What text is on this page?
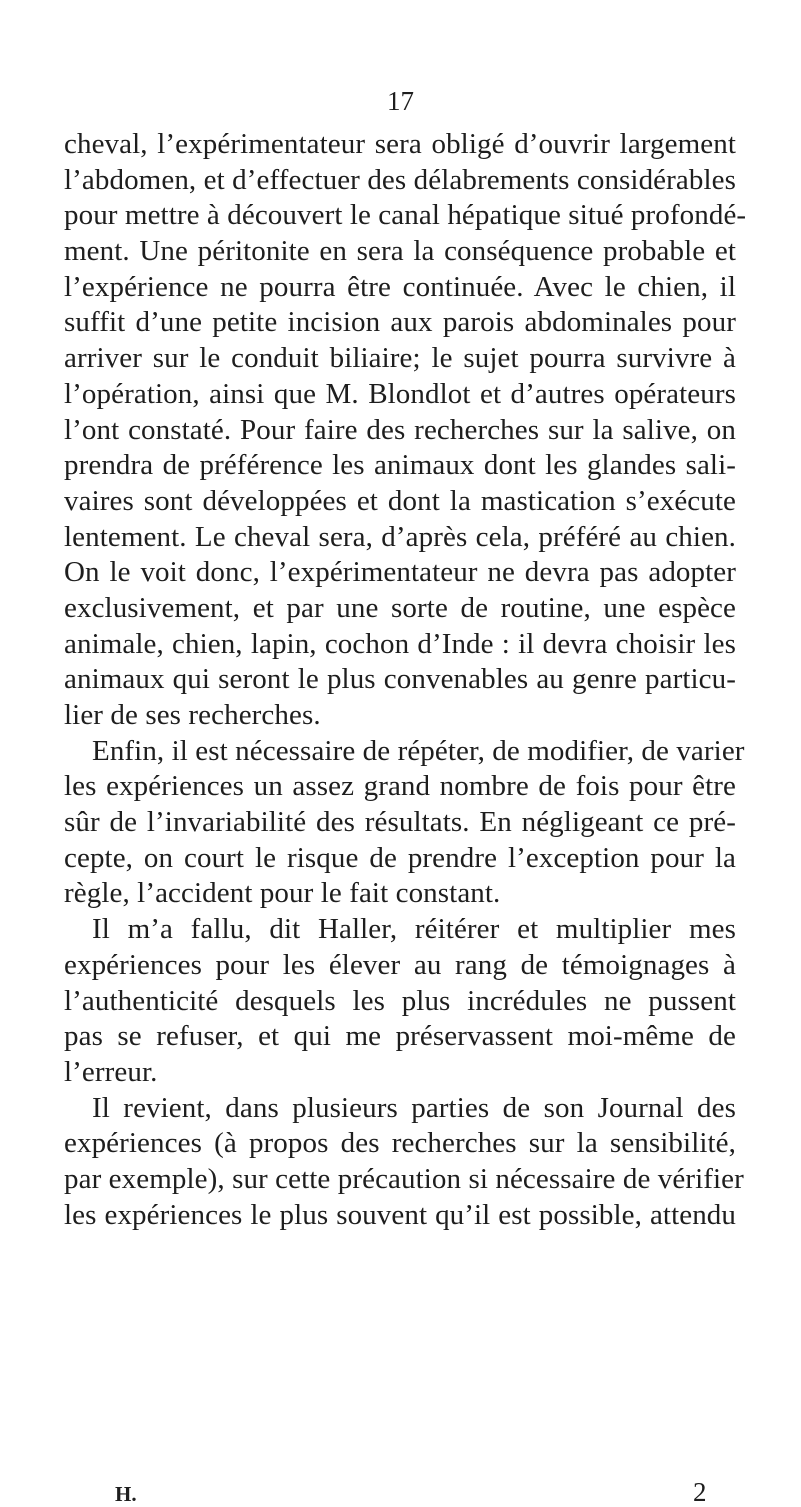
17
cheval, l’expérimentateur sera obligé d’ouvrir largement
l’abdomen, et d’effectuer des délabrements considérables
pour mettre à découvert le canal hépatique situé profondé-
ment. Une péritonite en sera la conséquence probable et
l’expérience ne pourra être continuée. Avec le chien, il
suffit d’une petite incision aux parois abdominales pour
arriver sur le conduit biliaire; le sujet pourra survivre à
l’opération, ainsi que M. Blondlot et d’autres opérateurs
l’ont constaté. Pour faire des recherches sur la salive, on
prendra de préférence les animaux dont les glandes sali-
vaires sont développées et dont la mastication s’exécute
lentement. Le cheval sera, d’après cela, préféré au chien.
On le voit donc, l’expérimentateur ne devra pas adopter
exclusivement, et par une sorte de routine, une espèce
animale, chien, lapin, cochon d’Inde : il devra choisir les
animaux qui seront le plus convenables au genre particu-
lier de ses recherches.
Enfin, il est nécessaire de répéter, de modifier, de varier
les expériences un assez grand nombre de fois pour être
sûr de l’invariabilité des résultats. En négligeant ce pré-
cepte, on court le risque de prendre l’exception pour la
règle, l’accident pour le fait constant.
Il m’a fallu, dit Haller, réitérer et multiplier mes
expériences pour les élever au rang de témoignages à
l’authenticité desquels les plus incrédules ne pussent
pas se refuser, et qui me préservassent moi-même de
l’erreur.
Il revient, dans plusieurs parties de son Journal des
expériences (à propos des recherches sur la sensibilité,
par exemple), sur cette précaution si nécessaire de vérifier
les expériences le plus souvent qu’il est possible, attendu
H.	2
